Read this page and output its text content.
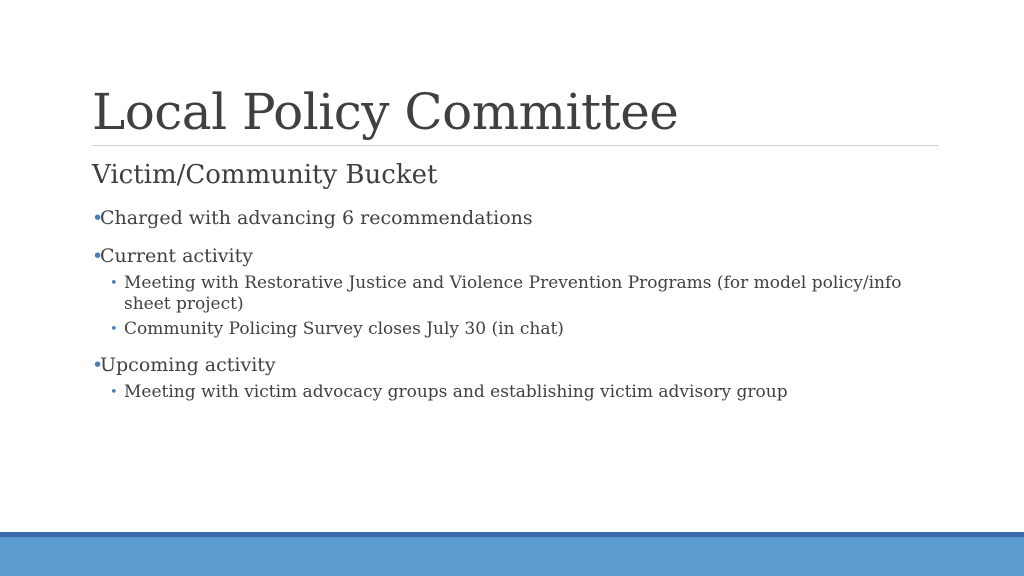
Local Policy Committee
Victim/Community Bucket
•
Charged with advancing 6 recommendations
•
Current activity
• Meeting with Restorative Justice and Violence Prevention Programs (for model policy/info sheet project)
• Community Policing Survey closes July 30 (in chat)
•
Upcoming activity
• Meeting with victim advocacy groups and establishing victim advisory group
